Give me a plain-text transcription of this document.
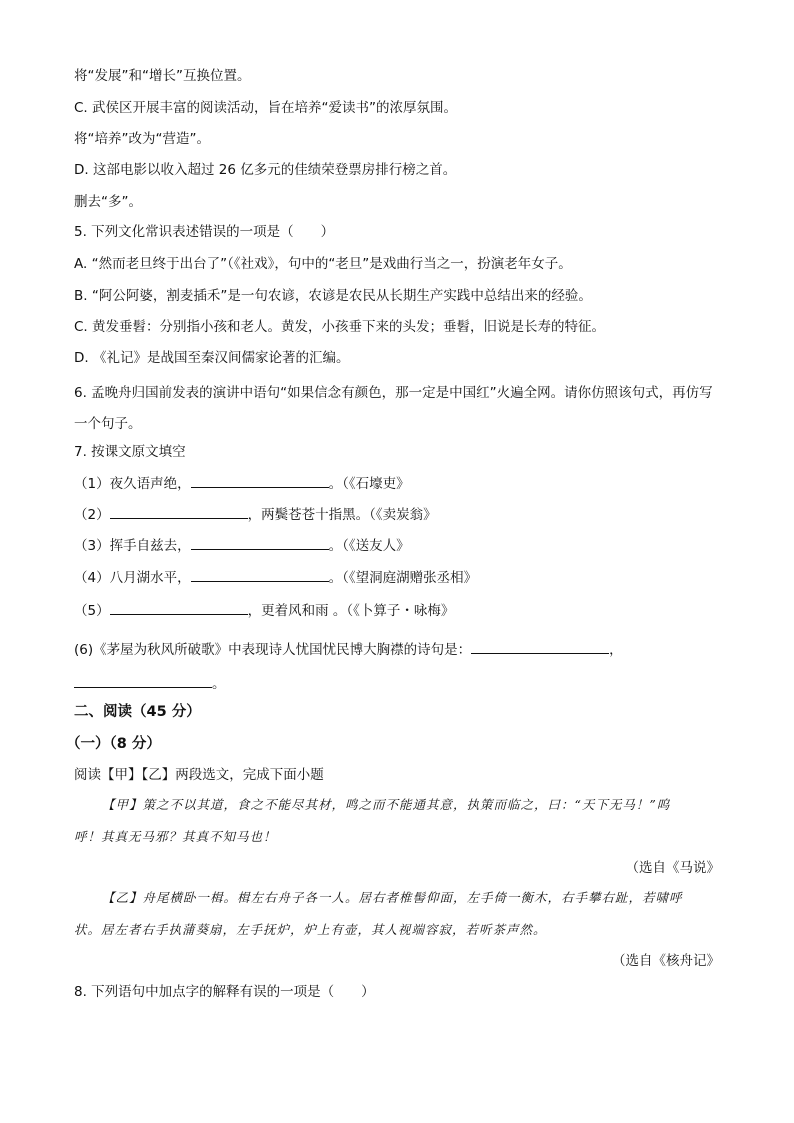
将“发展”和“增长”互换位置。
C. 武侯区开展丰富的阅读活动，旨在培养“爱读书”的浓厚氛围。
将“培养”改为“营造”。
D. 这部电影以收入超过 26 亿多元的佳绩荣登票房排行榜之首。
删去“多”。
5. 下列文化常识表述错误的一项是（　　）
A. “然而老旦终于出台了”（《社戏》，句中的“老旦”是戏曲行当之一，扮演老年女子。
B. “阿公阿婆，割麦插禾”是一句农谚，农谚是农民从长期生产实践中总结出来的经验。
C. 黄发垂髫：分别指小孩和老人。黄发，小孩垂下来的头发；垂髫，旧说是长寿的特征。
D. 《礼记》是战国至秦汉间儒家论著的汇编。
6. 孟晚舟归国前发表的演讲中语句“如果信念有颜色，那一定是中国红”火遍全网。请你仿照该句式，再仿写一个句子。
7. 按课文原文填空
（1）夜久语声绝，	。（《石壕吏》
（2）	，两鬓苍苍十指黑。（《卖炭翁》
（3）挥手自兹去，	。（《送友人》
（4）八月湖水平，	。（《望洞庭湖赠张丞相》
（5）	，更着风和雨 。（《卜算子・咏梅》
(6)《茅屋为秋风所破歌》中表现诗人忧国忧民博大胸襟的诗句是：	，
。
二、阅读（45 分）
（一）（8 分）
阅读【甲】【乙】两段选文，完成下面小题
【甲】策之不以其道，食之不能尽其材，鸣之而不能通其意，执策而临之，曰：“天下无马！”呜
呼！其真无马邪？其真不知马也！
（选自《马说》
【乙】舟尾横卧一楫。楫左右舟子各一人。居右者椎髻仰面，左手倚一衡木，右手攀右趾，若啸呼
状。居左者右手执蒲葵扇，左手抚炉，炉上有壶，其人视端容寂，若听茶声然。
（选自《核舟记》
8. 下列语句中加点字的解释有误的一项是（　　）
